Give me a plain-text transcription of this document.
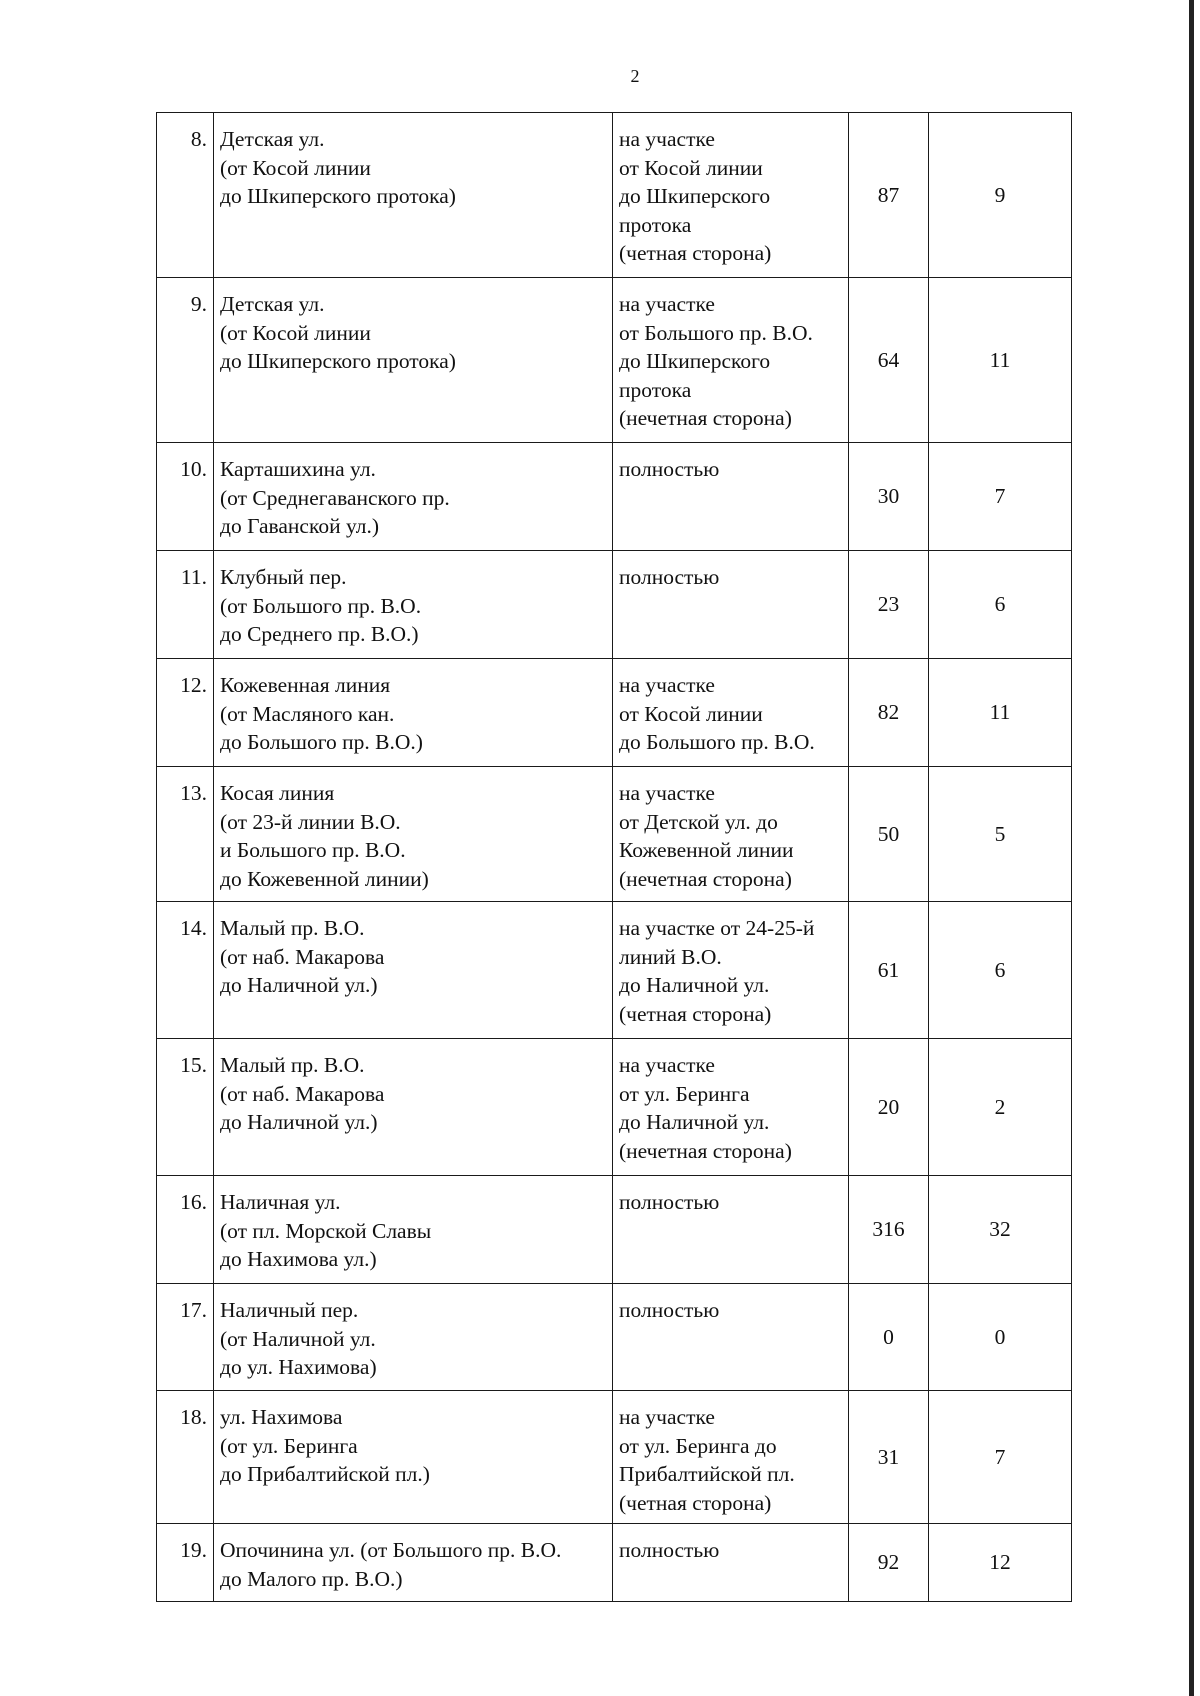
2
8.	Детская ул.
(от Косой линии
до Шкиперского протока)	на участке
от Косой линии
до Шкиперского
протока
(четная сторона)	87	9
9.	Детская ул.
(от Косой линии
до Шкиперского протока)	на участке
от Большого пр. В.О.
до Шкиперского
протока
(нечетная сторона)	64	11
10.	Карташихина ул.
(от Среднегаванского пр.
до Гаванской ул.)	полностью	30	7
11.	Клубный пер.
(от Большого пр. В.О.
до Среднего пр. В.О.)	полностью	23	6
12.	Кожевенная линия
(от Масляного кан.
до Большого пр. В.О.)	на участке
от Косой линии
до Большого пр. В.О.	82	11
13.	Косая линия
(от 23-й линии В.О.
и Большого пр. В.О.
до Кожевенной линии)	на участке
от Детской ул. до
Кожевенной линии
(нечетная сторона)	50	5
14.	Малый пр. В.О.
(от наб. Макарова
до Наличной ул.)	на участке от 24-25-й
линий В.О.
до Наличной ул.
(четная сторона)	61	6
15.	Малый пр. В.О.
(от наб. Макарова
до Наличной ул.)	на участке
от ул. Беринга
до Наличной ул.
(нечетная сторона)	20	2
16.	Наличная ул.
(от пл. Морской Славы
до Нахимова ул.)	полностью	316	32
17.	Наличный пер.
(от Наличной ул.
до ул. Нахимова)	полностью	0	0
18.	ул. Нахимова
(от ул. Беринга
до Прибалтийской пл.)	на участке
от ул. Беринга до
Прибалтийской пл.
(четная сторона)	31	7
19.	Опочинина ул. (от Большого пр. В.О.
до Малого пр. В.О.)	полностью	92	12
